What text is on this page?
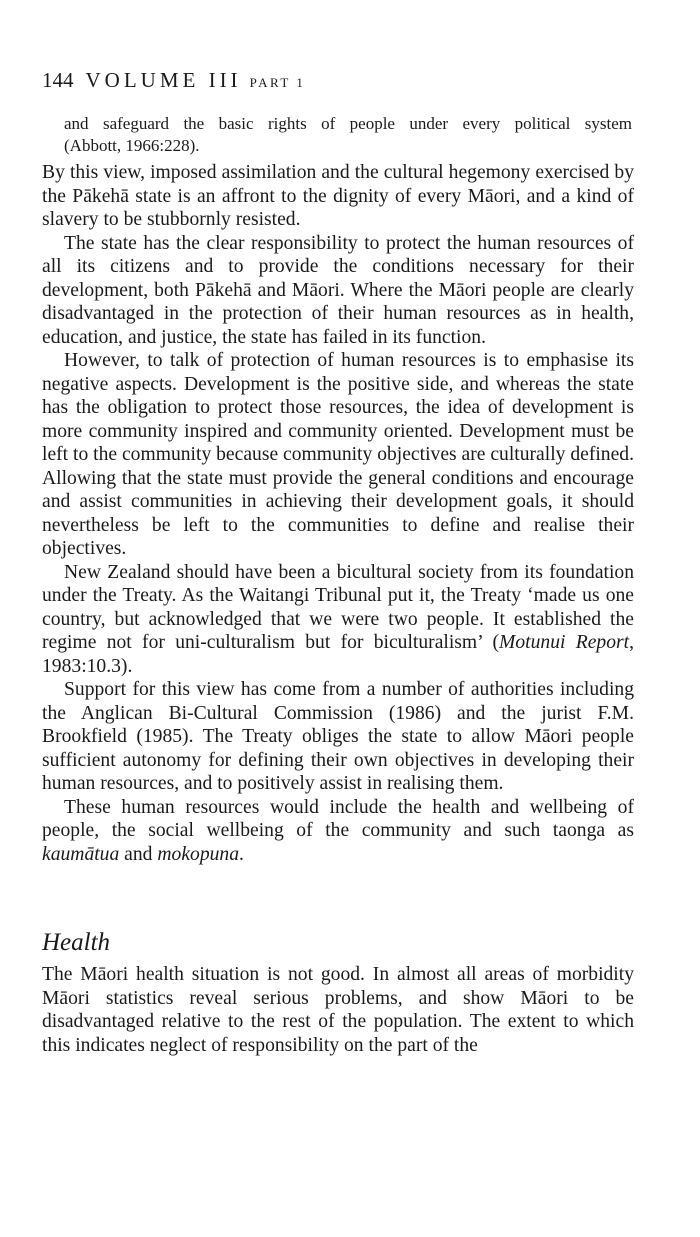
144 VOLUME III PART 1

and safeguard the basic rights of people under every political system

(Abbott, 1966:228).

By this view, imposed assimilation and the cultural hegemony exercised by the Pākehā state is an affront to the dignity of every Māori, and a kind of slavery to be stubbornly resisted.

The state has the clear responsibility to protect the human resources of all its citizens and to provide the conditions necessary for their development, both Pākehā and Māori. Where the Māori people are clearly disadvantaged in the protection of their human resources as in health, education, and justice, the state has failed in its function.

However, to talk of protection of human resources is to emphasise its negative aspects. Development is the positive side, and whereas the state has the obligation to protect those resources, the idea of development is more community inspired and community oriented. Development must be left to the community because community objectives are culturally defined. Allowing that the state must provide the general conditions and encourage and assist communities in achieving their development goals, it should nevertheless be left to the communities to define and realise their objectives.

New Zealand should have been a bicultural society from its foundation under the Treaty. As the Waitangi Tribunal put it, the Treaty ‘made us one country, but acknowledged that we were two people. It established the regime not for uni-culturalism but for biculturalism’ (Motunui Report, 1983:10.3).

Support for this view has come from a number of authorities including the Anglican Bi-Cultural Commission (1986) and the jurist F.M. Brookfield (1985). The Treaty obliges the state to allow Māori people sufficient autonomy for defining their own objectives in developing their human resources, and to positively assist in realising them.

These human resources would include the health and wellbeing of people, the social wellbeing of the community and such taonga as kaumātua and mokopuna.

Health

The Māori health situation is not good. In almost all areas of morbidity Māori statistics reveal serious problems, and show Māori to be disadvantaged relative to the rest of the population. The extent to which this indicates neglect of responsibility on the part of the
